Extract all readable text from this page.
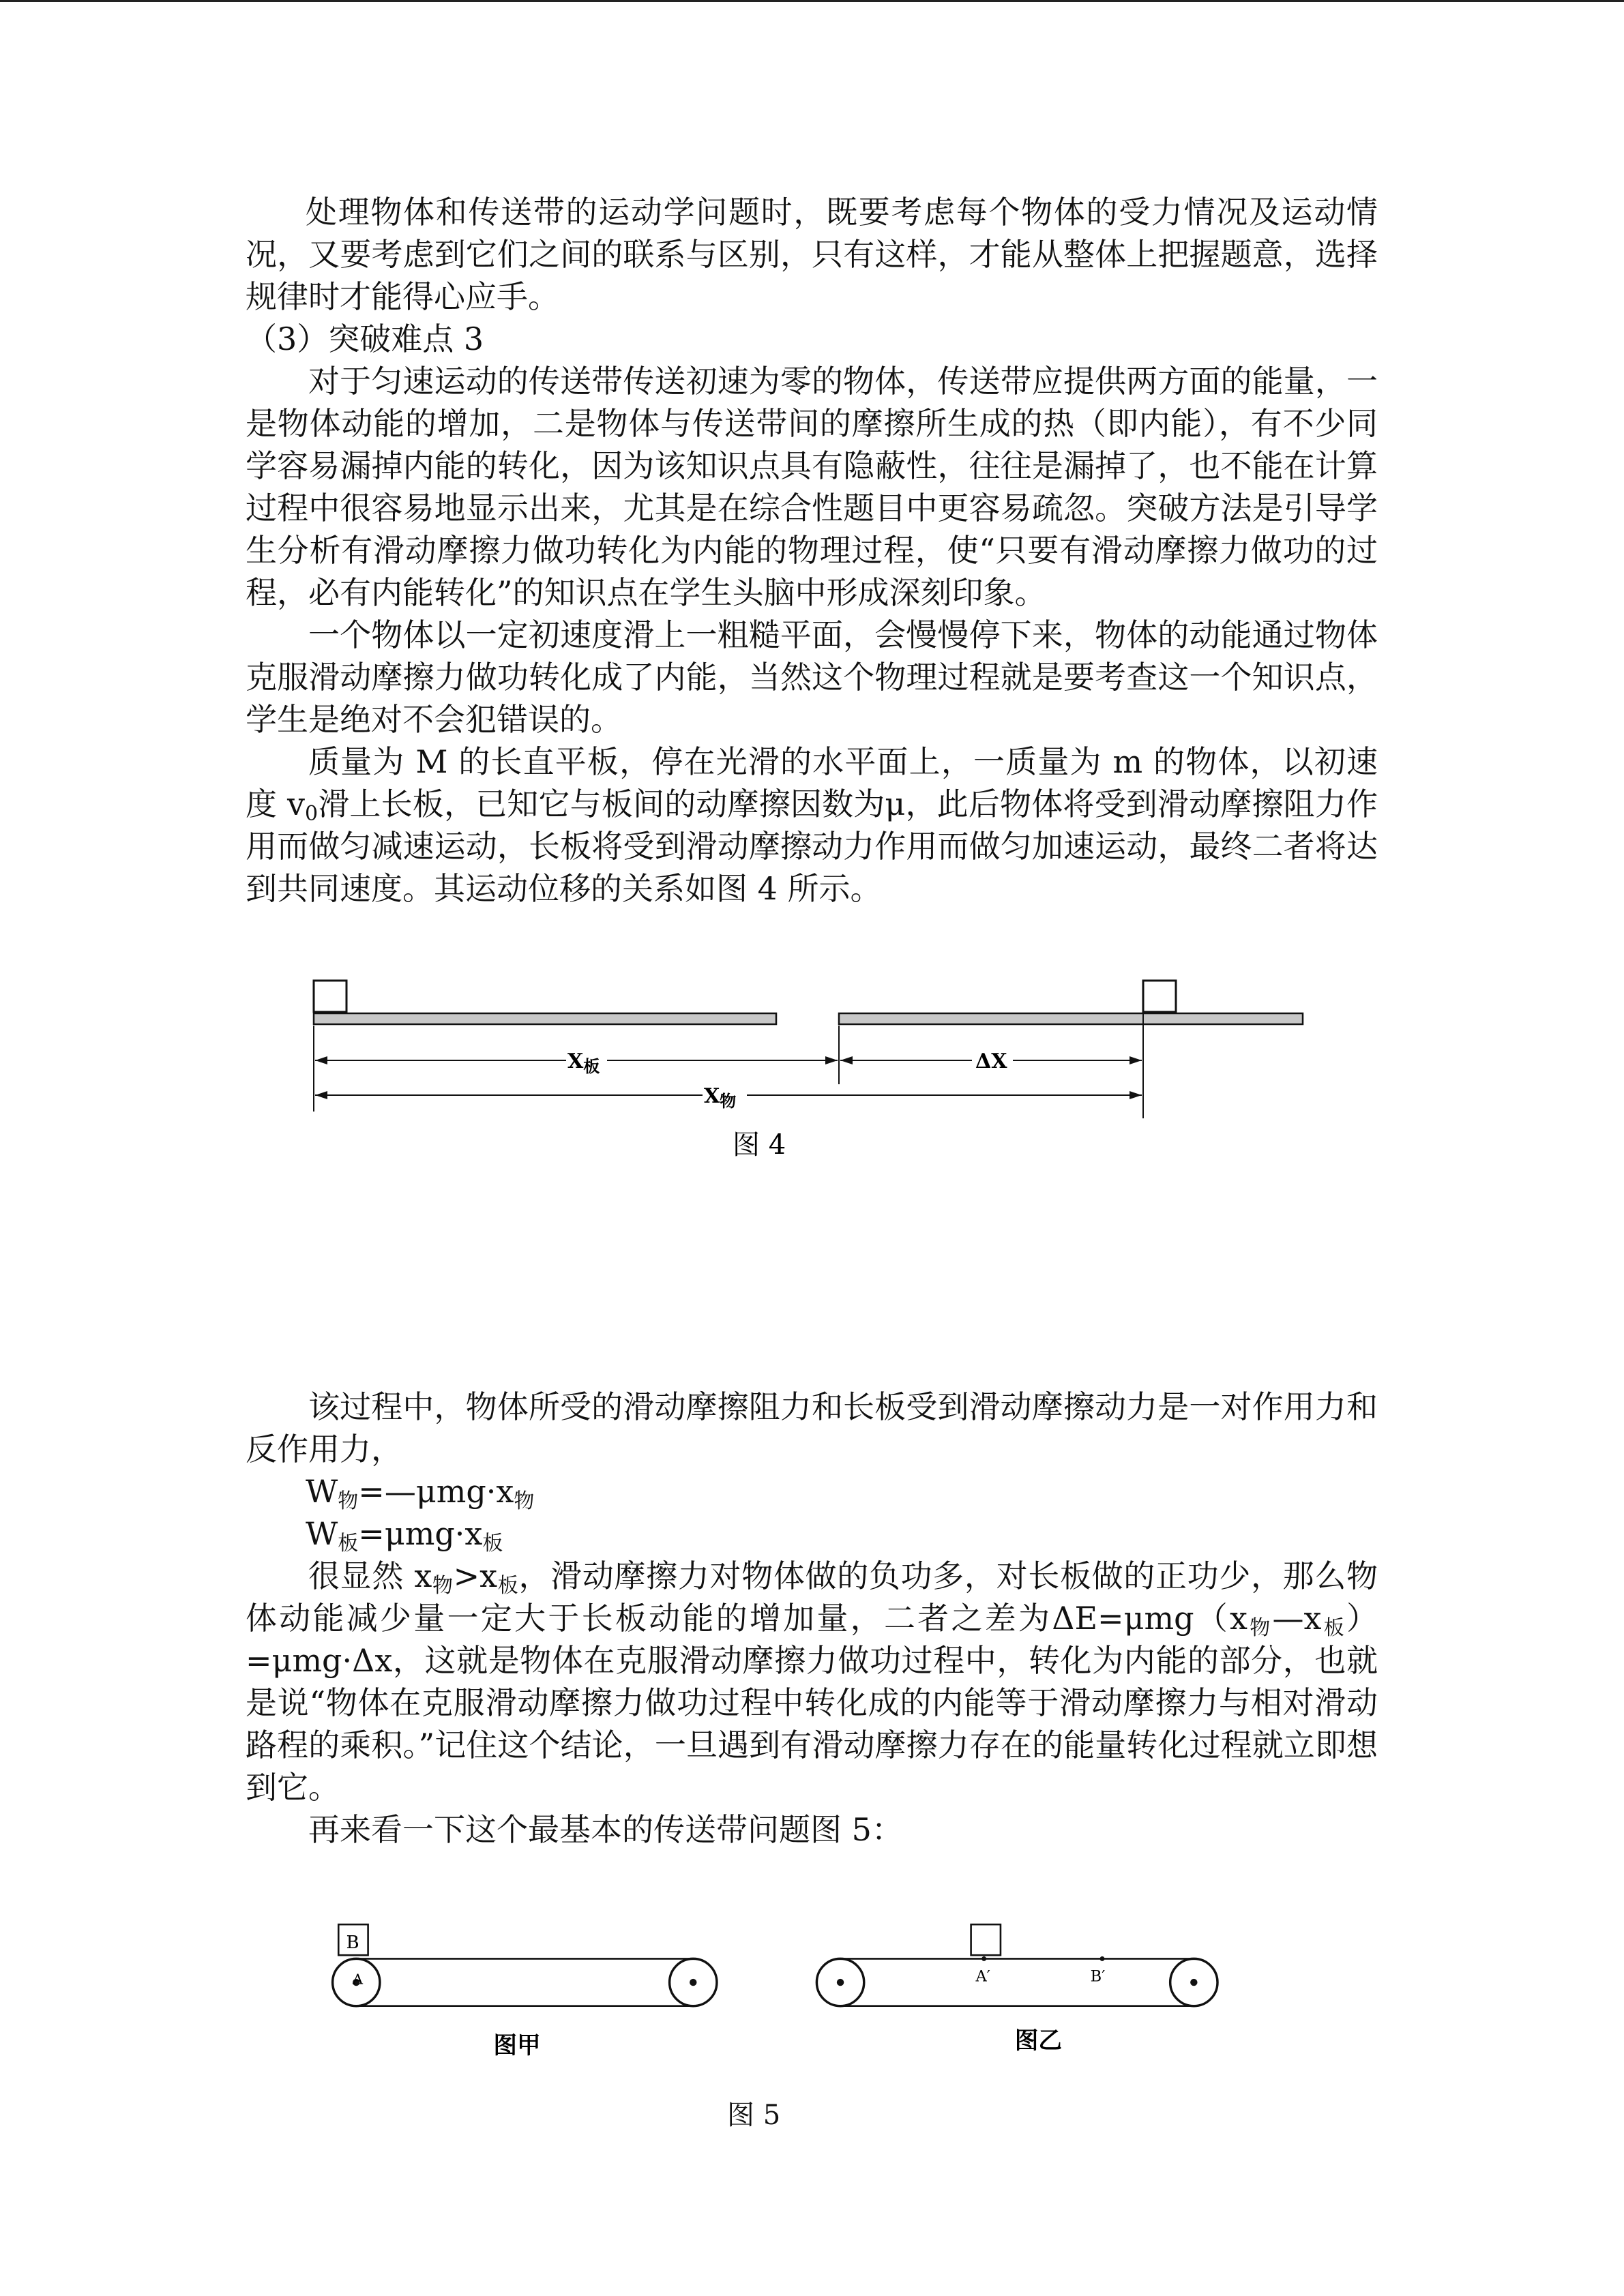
处理物体和传送带的运动学问题时，既要考虑每个物体的受力情况及运动情况，又要考虑到它们之间的联系与区别，只有这样，才能从整体上把握题意，选择规律时才能得心应手。

（3）突破难点 3

对于匀速运动的传送带传送初速为零的物体，传送带应提供两方面的能量，一是物体动能的增加，二是物体与传送带间的摩擦所生成的热（即内能），有不少同学容易漏掉内能的转化，因为该知识点具有隐蔽性，往往是漏掉了，也不能在计算过程中很容易地显示出来，尤其是在综合性题目中更容易疏忽。突破方法是引导学生分析有滑动摩擦力做功转化为内能的物理过程，使“只要有滑动摩擦力做功的过程，必有内能转化”的知识点在学生头脑中形成深刻印象。

一个物体以一定初速度滑上一粗糙平面，会慢慢停下来，物体的动能通过物体克服滑动摩擦力做功转化成了内能，当然这个物理过程就是要考查这一个知识点，学生是绝对不会犯错误的。

质量为 M 的长直平板，停在光滑的水平面上，一质量为 m 的物体，以初速度 $v_0$滑上长板，已知它与板间的动摩擦因数为μ，此后物体将受到滑动摩擦阻力作用而做匀减速运动，长板将受到滑动摩擦动力作用而做匀加速运动，最终二者将达到共同速度。其运动位移的关系如图 4 所示。

$X_板$	ΔX
$X_物$
图 4

该过程中，物体所受的滑动摩擦阻力和长板受到滑动摩擦动力是一对作用力和反作用力，

$W_物=—\mu mg\cdot x_物$

$W_板=\mu mg\cdot x_板$

很显然 $x_物>x_板$，滑动摩擦力对物体做的负功多，对长板做的正功少，那么物体动能减少量一定大于长板动能的增加量，二者之差为$\Delta E=\mu mg(x_物—x_板)=\mu mg\cdot\Delta x$，这就是物体在克服滑动摩擦力做功过程中，转化为内能的部分，也就是说“物体在克服滑动摩擦力做功过程中转化成的内能等于滑动摩擦力与相对滑动路程的乘积。”记住这个结论，一旦遇到有滑动摩擦力存在的能量转化过程就立即想到它。

再来看一下这个最基本的传送带问题图 5：

B
A
图甲
A′	B′
图乙
图 5
